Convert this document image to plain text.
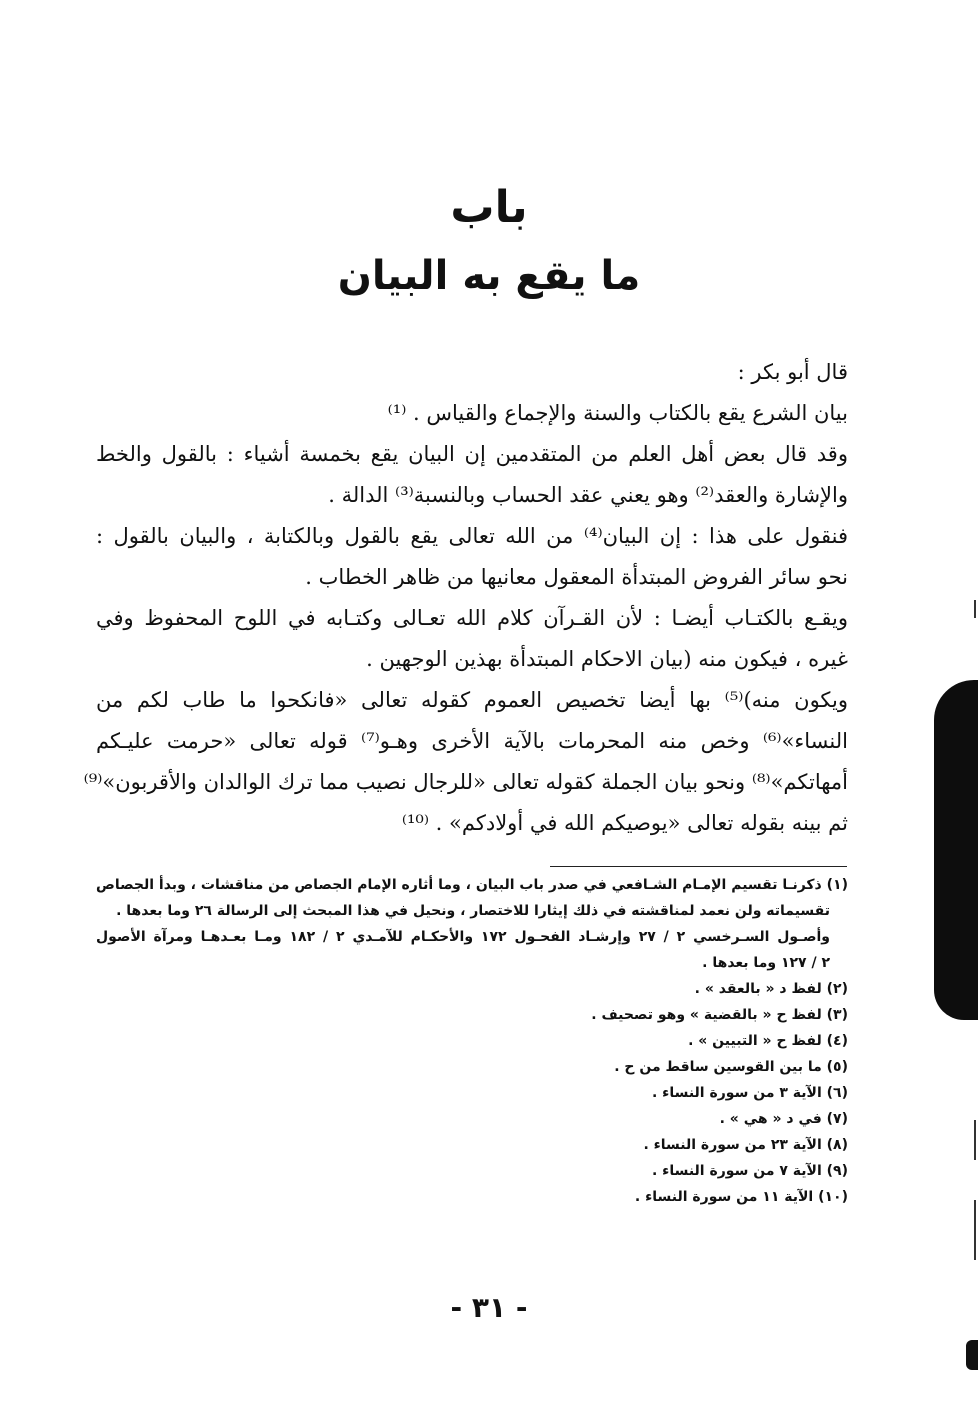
باب
ما يقع به البيان
قال أبو بكر :
بيان الشرع يقع بالكتاب والسنة والإجماع والقياس . ⁽¹⁾
وقد قال بعض أهل العلم من المتقدمين إن البيان يقع بخمسة أشياء : بالقول والخط
والإشارة والعقد⁽²⁾ وهو يعني عقد الحساب وبالنسبة⁽³⁾ الدالة .
فنقول على هذا : إن البيان⁽⁴⁾ من الله تعالى يقع بالقول وبالكتابة ، والبيان بالقول :
نحو سائر الفروض المبتدأة المعقول معانيها من ظاهر الخطاب .
ويقـع بالكتـاب أيضـا : لأن القـرآن كلام الله تعـالى وكتـابه في اللوح المحفوظ وفي
غيره ، فيكون منه (بيان الاحكام المبتدأة بهذين الوجهين .
ويكون منه)⁽⁵⁾ بها أيضا تخصيص العموم كقوله تعالى «فانكحوا ما طاب لكم من
النساء»⁽⁶⁾ وخص منه المحرمات بالآية الأخرى وهـو⁽⁷⁾ قوله تعالى «حرمت عليـكم
أمهاتكم»⁽⁸⁾ ونحو بيان الجملة كقوله تعالى «للرجال نصيب مما ترك الوالدان والأقربون»⁽⁹⁾
ثم بينه بقوله تعالى «يوصيكم الله في أولادكم» . ⁽¹⁰⁾
(١) ذكرنـا تقسيم الإمـام الشـافعي في صدر باب البيان ، وما أثاره الإمام الجصاص من مناقشات ، وبدأ الجصاص
تقسيماته ولن نعمد لمناقشته في ذلك إيثارا للاختصار ، ونحيل في هذا المبحث إلى الرسالة ٢٦ وما بعدها .
وأصـول السـرخسي ٢ / ٢٧ وإرشـاد الفحـول ١٧٢ والأحكـام للآمـدي ٢ / ١٨٢ ومـا بعـدهـا ومرآة الأصول
٢ / ١٢٧ وما بعدها .
(٢) لفظ د « بالعقد » .
(٣) لفظ ح « بالقضية » وهو تصحيف .
(٤) لفظ ح « التبيين » .
(٥) ما بين القوسين ساقط من ح .
(٦) الآية ٣ من سورة النساء .
(٧) في د « هي » .
(٨) الآية ٢٣ من سورة النساء .
(٩) الآية ٧ من سورة النساء .
(١٠) الآية ١١ من سورة النساء .
- ٣١ -
